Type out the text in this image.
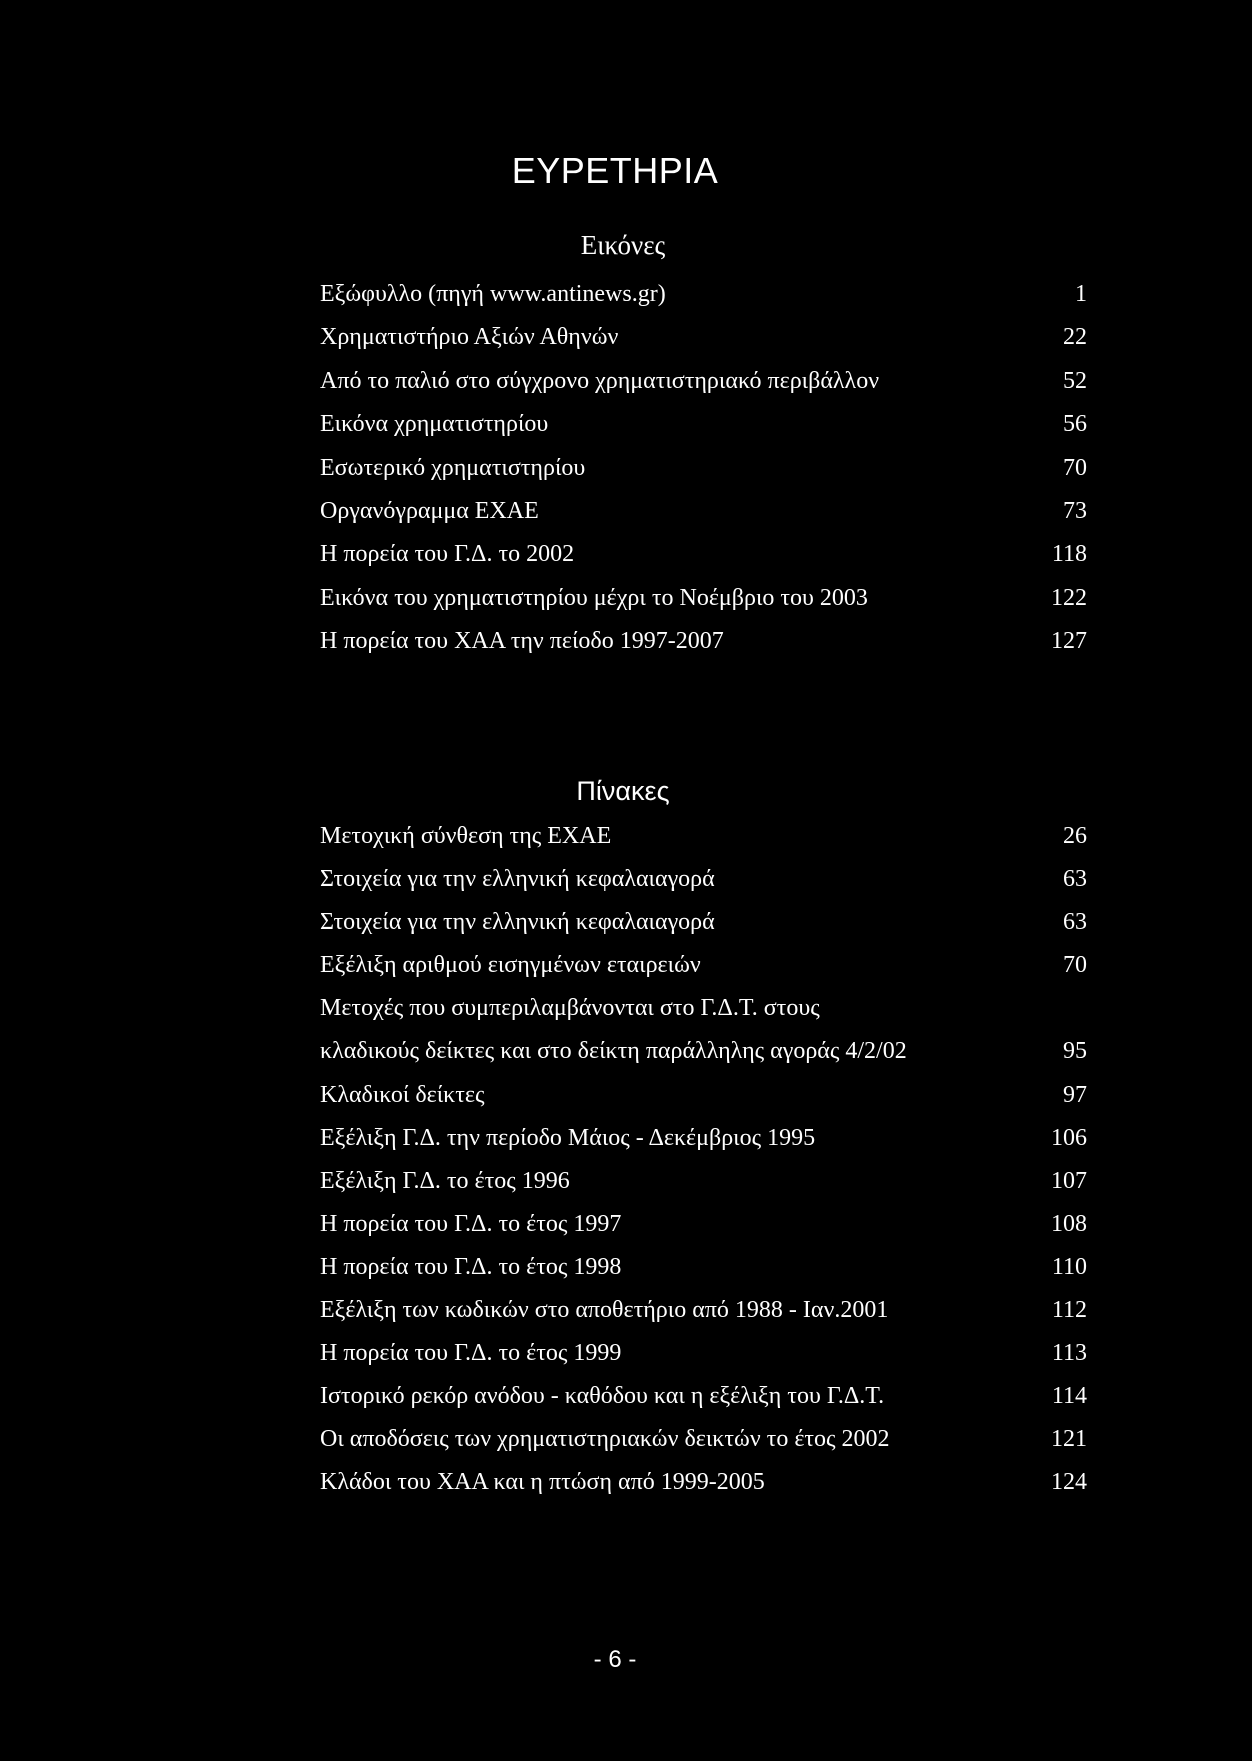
ΕΥΡΕΤΗΡΙΑ
Εικόνες
Εξώφυλλο (πηγή www.antinews.gr)	1
Χρηματιστήριο Αξιών Αθηνών	22
Από το παλιό στο σύγχρονο χρηματιστηριακό περιβάλλον	52
Εικόνα χρηματιστηρίου	56
Εσωτερικό χρηματιστηρίου	70
Οργανόγραμμα ΕΧΑΕ	73
Η πορεία του Γ.Δ. το 2002	118
Εικόνα του χρηματιστηρίου μέχρι το Νοέμβριο του 2003	122
Η πορεία του ΧΑΑ την πείοδο 1997-2007	127
Πίνακες
Μετοχική σύνθεση της ΕΧΑΕ	26
Στοιχεία για την ελληνική κεφαλαιαγορά	63
Στοιχεία για την ελληνική κεφαλαιαγορά	63
Εξέλιξη αριθμού εισηγμένων εταιρειών	70
Μετοχές που συμπεριλαμβάνονται στο Γ.Δ.Τ. στους
κλαδικούς δείκτες και στο δείκτη παράλληλης αγοράς 4/2/02	95
Κλαδικοί δείκτες	97
Εξέλιξη Γ.Δ. την περίοδο Μάιος - Δεκέμβριος 1995	106
Εξέλιξη Γ.Δ. το έτος 1996	107
Η πορεία του Γ.Δ. το έτος 1997	108
Η πορεία του Γ.Δ. το έτος 1998	110
Εξέλιξη των κωδικών στο αποθετήριο από 1988 - Ιαν.2001	112
Η πορεία του Γ.Δ. το έτος 1999	113
Ιστορικό ρεκόρ ανόδου - καθόδου και η εξέλιξη του Γ.Δ.Τ.	114
Οι αποδόσεις των χρηματιστηριακών δεικτών το έτος 2002	121
Κλάδοι του ΧΑΑ και η πτώση από 1999-2005	124
- 6 -
